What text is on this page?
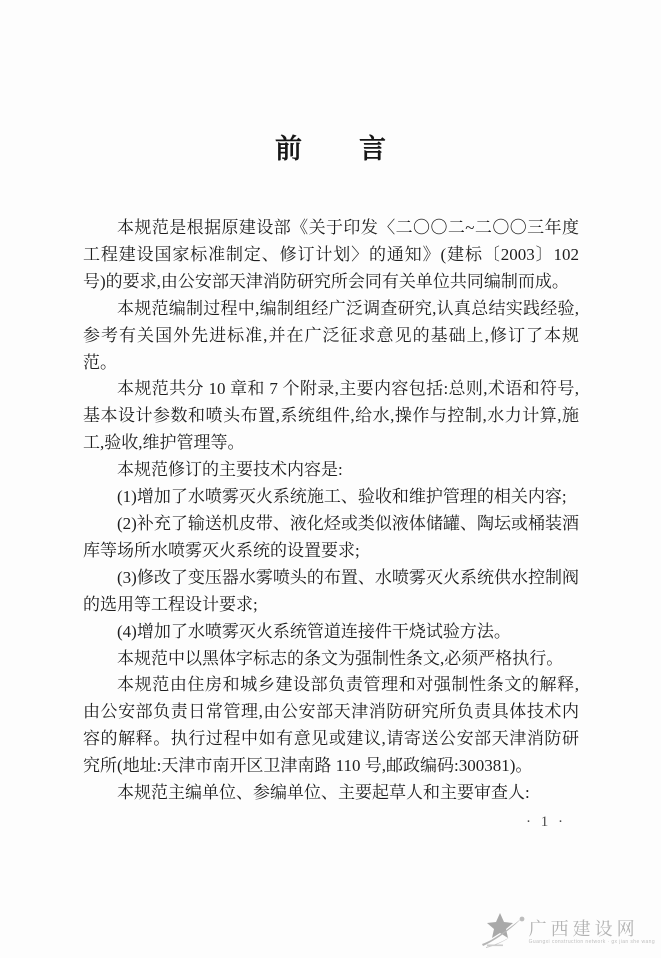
前　　言

本规范是根据原建设部《关于印发〈二〇〇二~二〇〇三年度工程建设国家标准制定、修订计划〉的通知》(建标〔2003〕102 号)的要求,由公安部天津消防研究所会同有关单位共同编制而成。

本规范编制过程中,编制组经广泛调查研究,认真总结实践经验,参考有关国外先进标准,并在广泛征求意见的基础上,修订了本规范。

本规范共分 10 章和 7 个附录,主要内容包括:总则,术语和符号,基本设计参数和喷头布置,系统组件,给水,操作与控制,水力计算,施工,验收,维护管理等。

本规范修订的主要技术内容是:

(1)增加了水喷雾灭火系统施工、验收和维护管理的相关内容;

(2)补充了输送机皮带、液化烃或类似液体储罐、陶坛或桶装酒库等场所水喷雾灭火系统的设置要求;

(3)修改了变压器水雾喷头的布置、水喷雾灭火系统供水控制阀的选用等工程设计要求;

(4)增加了水喷雾灭火系统管道连接件干烧试验方法。

本规范中以黑体字标志的条文为强制性条文,必须严格执行。

本规范由住房和城乡建设部负责管理和对强制性条文的解释,由公安部负责日常管理,由公安部天津消防研究所负责具体技术内容的解释。执行过程中如有意见或建议,请寄送公安部天津消防研究所(地址:天津市南开区卫津南路 110 号,邮政编码:300381)。

本规范主编单位、参编单位、主要起草人和主要审查人:

· 1 ·
广西建设网
Guangxi construction network · gx jian she wang
